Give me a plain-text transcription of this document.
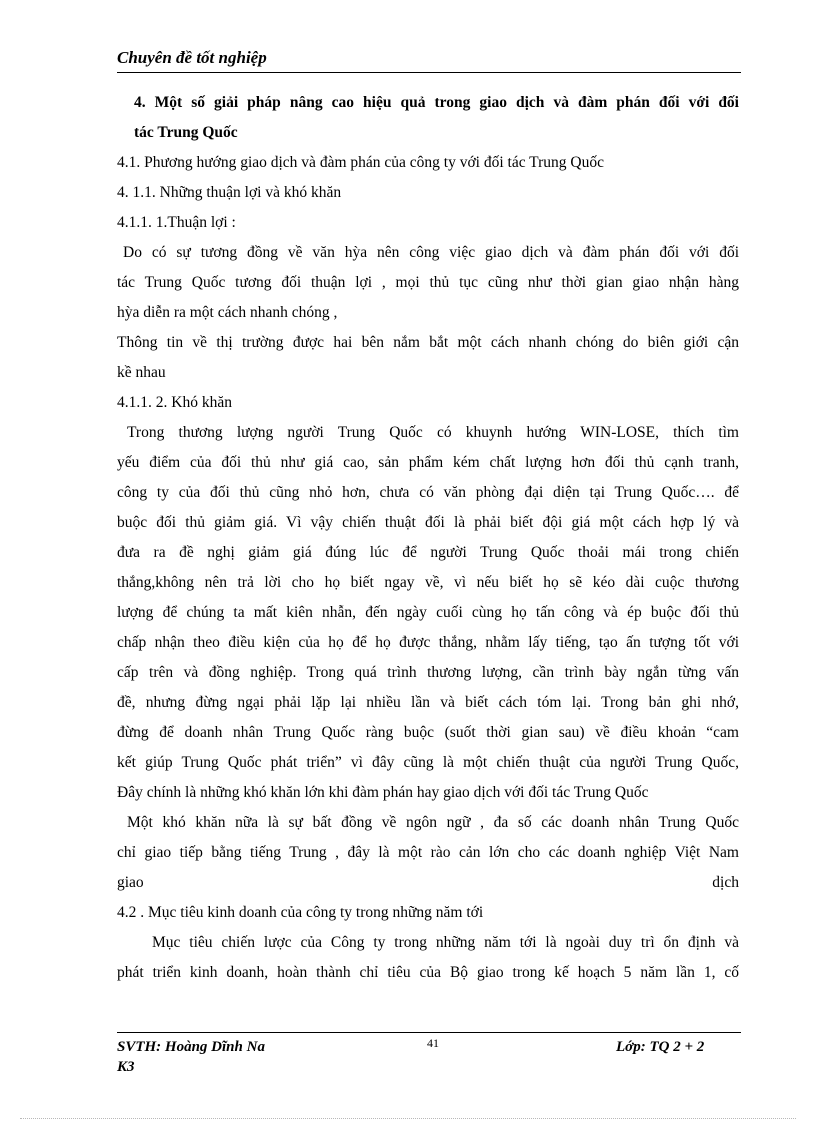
Chuyên đề tốt nghiệp
4. Một số giải pháp nâng cao hiệu quả trong giao dịch và đàm phán đối với đối
tác Trung Quốc
4.1. Phương hướng giao dịch và đàm phán của công ty với đối tác Trung Quốc
4. 1.1. Những thuận lợi và khó khăn
4.1.1. 1.Thuận lợi :
Do có sự tương đồng về văn hỳa nên công việc giao dịch và đàm phán đối với đối
tác Trung Quốc tương đối thuận lợi , mọi thủ tục cũng như thời gian giao nhận hàng
hỳa diễn ra một cách nhanh chóng ,
Thông tin về thị trường được hai bên nắm bắt một cách nhanh chóng do biên giới cận
kề nhau
4.1.1. 2. Khó khăn
Trong thương lượng người Trung Quốc có khuynh hướng WIN-LOSE, thích tìm
yếu điểm của đối thủ như giá cao, sản phẩm kém chất lượng hơn đối thủ cạnh tranh,
công ty của đối thủ cũng nhỏ hơn, chưa có văn phòng đại diện tại Trung Quốc…. để
buộc đối thủ giảm giá. Vì vậy chiến thuật đối là phải biết đội giá một cách hợp lý và
đưa ra đề nghị giảm giá đúng lúc để người Trung Quốc thoải mái trong chiến
thắng,không nên trả lời cho họ biết ngay về, vì nếu biết họ sẽ kéo dài cuộc thương
lượng để chúng ta mất kiên nhẫn, đến ngày cuối cùng họ tấn công và ép buộc đối thủ
chấp nhận theo điều kiện của họ để họ được thắng, nhằm lấy tiếng, tạo ấn tượng tốt với
cấp trên và đồng nghiệp. Trong quá trình thương lượng, cần trình bày ngắn từng vấn
đề, nhưng đừng ngại phải lặp lại nhiều lần và biết cách tóm lại. Trong bản ghi nhớ,
đừng để doanh nhân Trung Quốc ràng buộc (suốt thời gian sau) về điều khoản “cam
kết giúp Trung Quốc phát triển” vì đây cũng là một chiến thuật của người Trung Quốc,
Đây chính là những khó khăn lớn khi đàm phán hay giao dịch với đối tác Trung Quốc
Một khó khăn nữa là sự bất đồng về ngôn ngữ , đa số các doanh nhân Trung Quốc
chỉ giao tiếp bằng tiếng Trung , đây là một rào cản lớn cho các doanh nghiệp Việt Nam
giao dịch
4.2 . Mục tiêu kinh doanh của công ty trong những năm tới
Mục tiêu chiến lược của Công ty trong những năm tới là ngoài duy trì ổn định và
phát triển kinh doanh, hoàn thành chỉ tiêu của Bộ giao trong kế hoạch 5 năm lần 1, cố
SVTH: Hoàng Dĩnh Na
K3
41	Lớp: TQ 2 + 2
